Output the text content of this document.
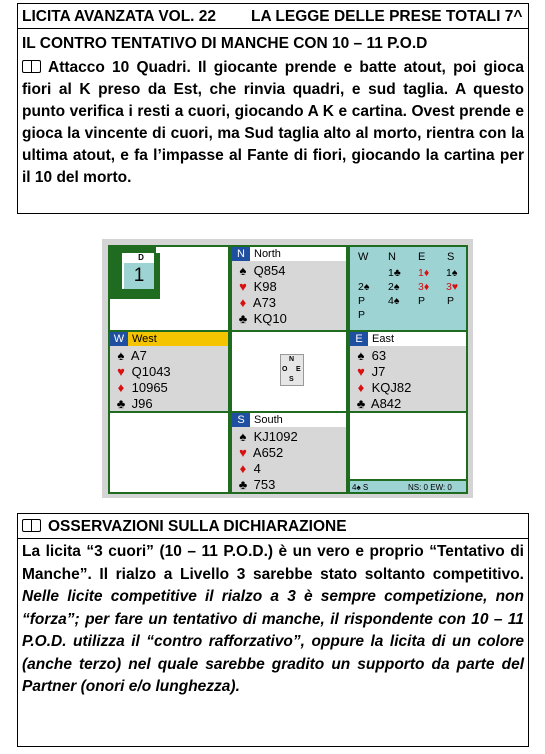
LICITA AVANZATA VOL. 22 LA LEGGE DELLE PRESE TOTALI 7^
IL CONTRO TENTATIVO DI MANCHE CON 10 – 11 P.O.D
Attacco 10 Quadri. Il giocante prende e batte atout, poi gioca fiori al K preso da Est, che rinvia quadri, e sud taglia. A questo punto verifica i resti a cuori, giocando A K e cartina. Ovest prende e gioca la vincente di cuori, ma Sud taglia alto al morto, rientra con la ultima atout, e fa l’impasse al Fante di fiori, giocando la cartina per il 10 del morto.
D
1
N North
♠ Q854
♥ K98
♦ A73
♣ KQ10
W N E S
1♣ 1♦ 1♠
2♠ 2♠ 3♦ 3♥
P 4♠ P P
P
W West
♠ A7
♥ Q1043
♦ 10965
♣ J96
N
O E
S
E East
♠ 63
♥ J7
♦ KQJ82
♣ A842
S South
♠ KJ1092
♥ A652
♦ 4
♣ 753	4♠ S	NS: 0 EW: 0
OSSERVAZIONI SULLA DICHIARAZIONE
La licita “3 cuori” (10 – 11 P.O.D.) è un vero e proprio “Tentativo di Manche”. Il rialzo a Livello 3 sarebbe stato soltanto competitivo. Nelle licite competitive il rialzo a 3 è sempre competizione, non “forza”; per fare un tentativo di manche, il rispondente con 10 – 11 P.O.D. utilizza il “contro rafforzativo”, oppure la licita di un colore (anche terzo) nel quale sarebbe gradito un supporto da parte del Partner (onori e/o lunghezza).
